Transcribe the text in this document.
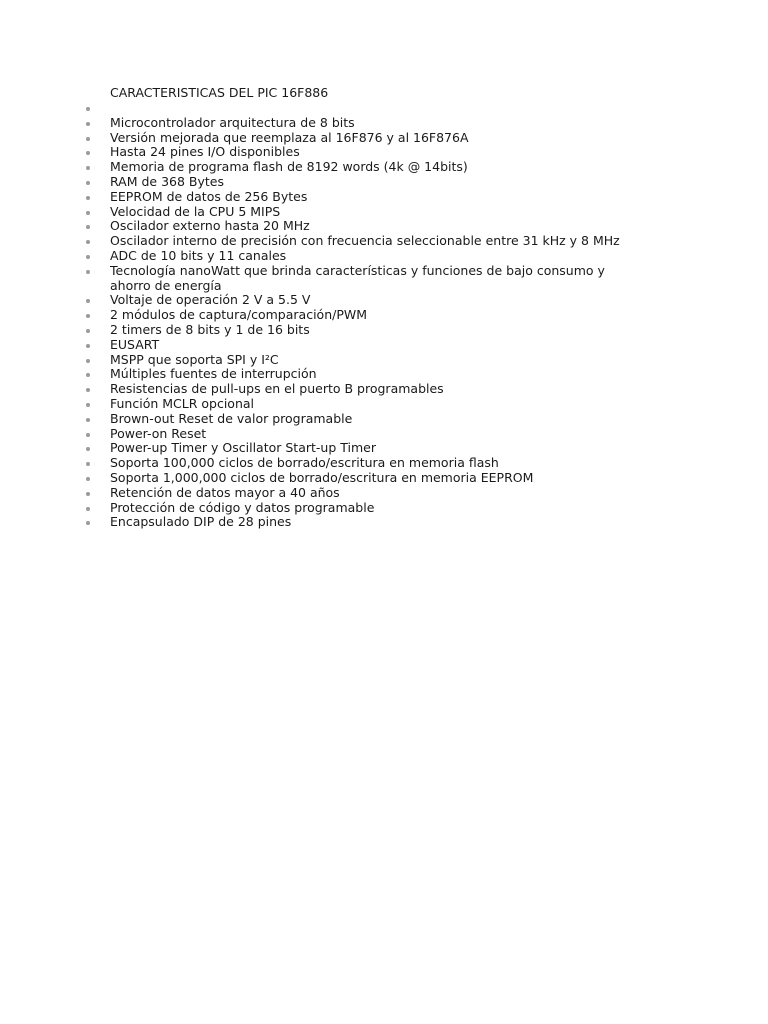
CARACTERISTICAS DEL PIC 16F886
Microcontrolador arquitectura de 8 bits
Versión mejorada que reemplaza al 16F876 y al 16F876A
Hasta 24 pines I/O disponibles
Memoria de programa flash de 8192 words (4k @ 14bits)
RAM de 368 Bytes
EEPROM de datos de 256 Bytes
Velocidad de la CPU 5 MIPS
Oscilador externo hasta 20 MHz
Oscilador interno de precisión con frecuencia seleccionable entre 31 kHz y 8 MHz
ADC de 10 bits y 11 canales
Tecnología nanoWatt que brinda características y funciones de bajo consumo y ahorro de energía
Voltaje de operación 2 V a 5.5 V
2 módulos de captura/comparación/PWM
2 timers de 8 bits y 1 de 16 bits
EUSART
MSPP que soporta SPI y I²C
Múltiples fuentes de interrupción
Resistencias de pull-ups en el puerto B programables
Función MCLR opcional
Brown-out Reset de valor programable
Power-on Reset
Power-up Timer y Oscillator Start-up Timer
Soporta 100,000 ciclos de borrado/escritura en memoria flash
Soporta 1,000,000 ciclos de borrado/escritura en memoria EEPROM
Retención de datos mayor a 40 años
Protección de código y datos programable
Encapsulado DIP de 28 pines
